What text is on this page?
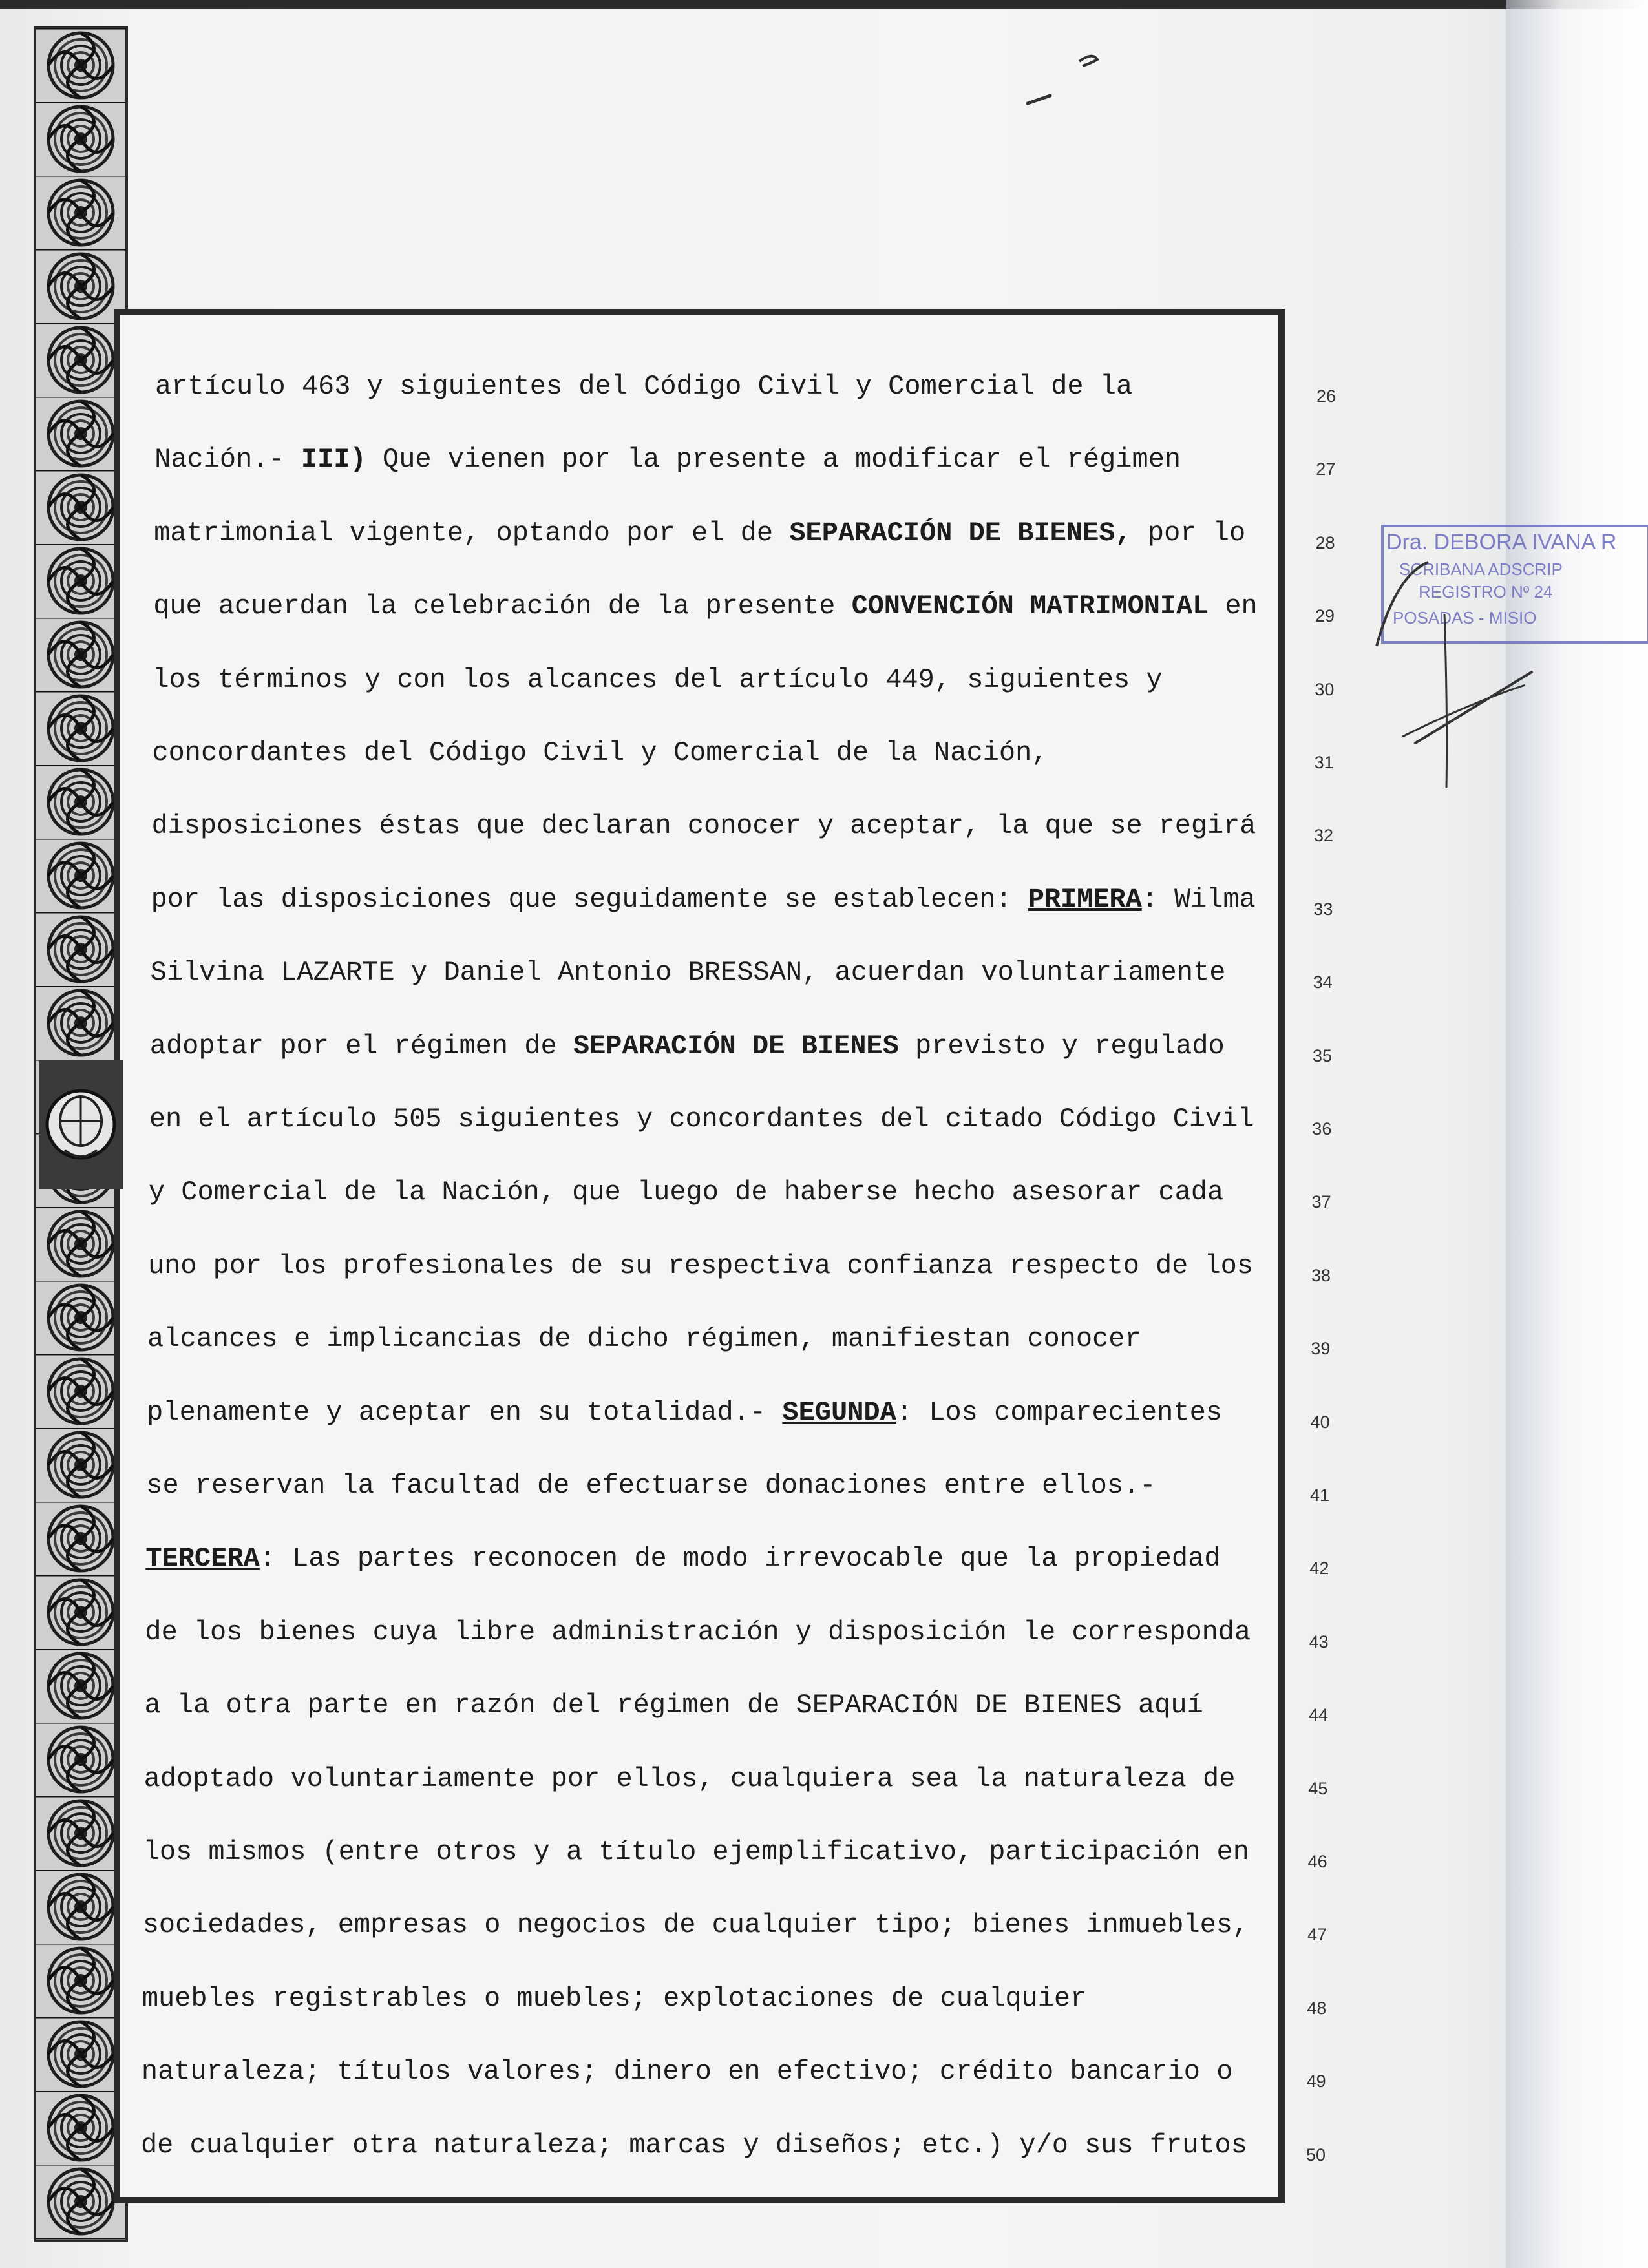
artículo 463 y siguientes del Código Civil y Comercial de la
Nación.- III) Que vienen por la presente a modificar el régimen
matrimonial vigente, optando por el de SEPARACIÓN DE BIENES, por lo
que acuerdan la celebración de la presente CONVENCIÓN MATRIMONIAL en
los términos y con los alcances del artículo 449, siguientes y
concordantes del Código Civil y Comercial de la Nación,
disposiciones éstas que declaran conocer y aceptar, la que se regirá
por las disposiciones que seguidamente se establecen: PRIMERA: Wilma
Silvina LAZARTE y Daniel Antonio BRESSAN, acuerdan voluntariamente
adoptar por el régimen de SEPARACIÓN DE BIENES previsto y regulado
en el artículo 505 siguientes y concordantes del citado Código Civil
y Comercial de la Nación, que luego de haberse hecho asesorar cada
uno por los profesionales de su respectiva confianza respecto de los
alcances e implicancias de dicho régimen, manifiestan conocer
plenamente y aceptar en su totalidad.- SEGUNDA: Los comparecientes
se reservan la facultad de efectuarse donaciones entre ellos.-
TERCERA: Las partes reconocen de modo irrevocable que la propiedad
de los bienes cuya libre administración y disposición le corresponda
a la otra parte en razón del régimen de SEPARACIÓN DE BIENES aquí
adoptado voluntariamente por ellos, cualquiera sea la naturaleza de
los mismos (entre otros y a título ejemplificativo, participación en
sociedades, empresas o negocios de cualquier tipo; bienes inmuebles,
muebles registrables o muebles; explotaciones de cualquier
naturaleza; títulos valores; dinero en efectivo; crédito bancario o
de cualquier otra naturaleza; marcas y diseños; etc.) y/o sus frutos
26
27
28
29
30
31
32
33
34
35
36
37
38
39
40
41
42
43
44
45
46
47
48
49
50
Dra. DEBORA IVANA R
SCRIBANA ADSCRIP
REGISTRO Nº 24
POSADAS - MISIO
